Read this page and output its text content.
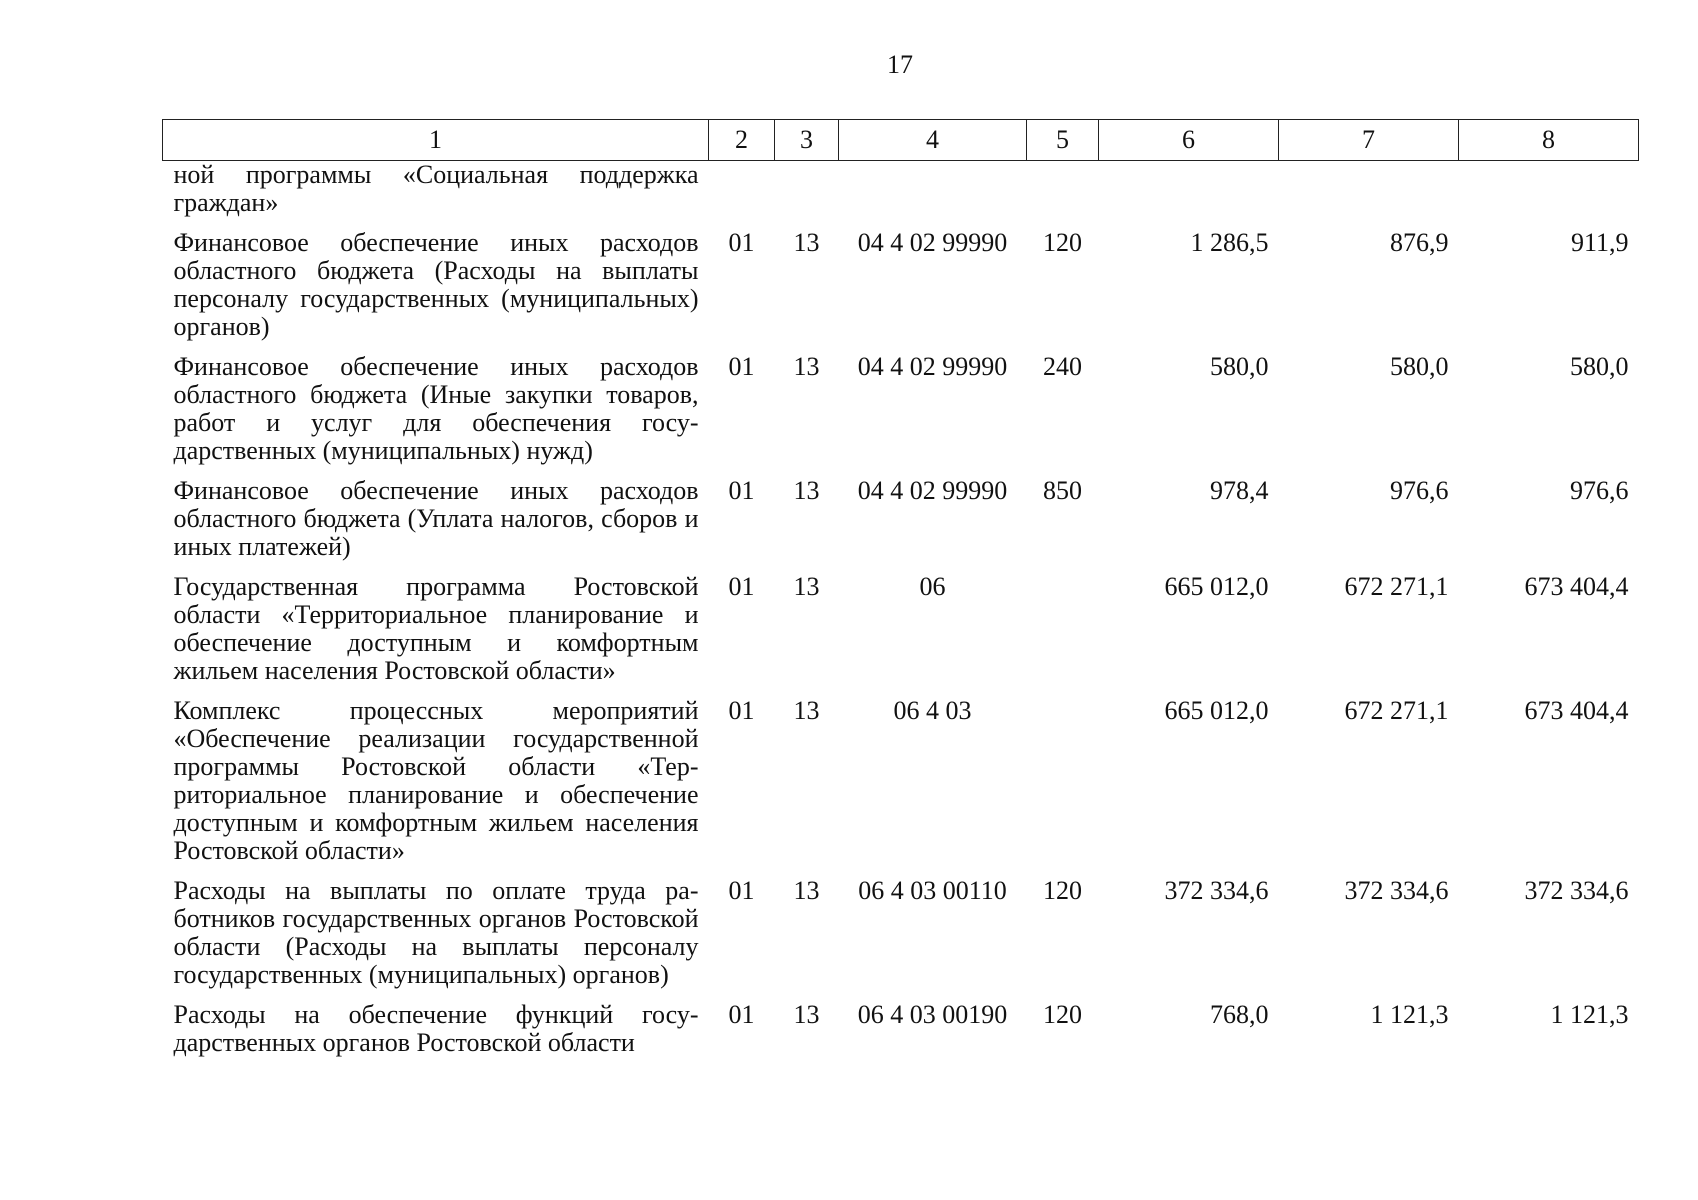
17
1	2	3	4	5	6	7	8
ной программы «Социальная поддержка граждан»							
Финансовое обеспечение иных расходов областного бюджета (Расходы на выплаты персоналу государственных (муниципальных) органов)	01	13	04 4 02 99990	120	1 286,5	876,9	911,9
Финансовое обеспечение иных расходов областного бюджета (Иные закупки товаров, работ и услуг для обеспечения государственных (муниципальных) нужд)	01	13	04 4 02 99990	240	580,0	580,0	580,0
Финансовое обеспечение иных расходов областного бюджета (Уплата налогов, сборов и иных платежей)	01	13	04 4 02 99990	850	978,4	976,6	976,6
Государственная программа Ростовской области «Территориальное планирование и обеспечение доступным и комфортным жильем населения Ростовской области»	01	13	06		665 012,0	672 271,1	673 404,4
Комплекс процессных мероприятий «Обеспечение реализации государственной программы Ростовской области «Территориальное планирование и обеспечение доступным и комфортным жильем населения Ростовской области»	01	13	06 4 03		665 012,0	672 271,1	673 404,4
Расходы на выплаты по оплате труда работников государственных органов Ростовской области (Расходы на выплаты персоналу государственных (муниципальных) органов)	01	13	06 4 03 00110	120	372 334,6	372 334,6	372 334,6
Расходы на обеспечение функций государственных органов Ростовской области	01	13	06 4 03 00190	120	768,0	1 121,3	1 121,3
